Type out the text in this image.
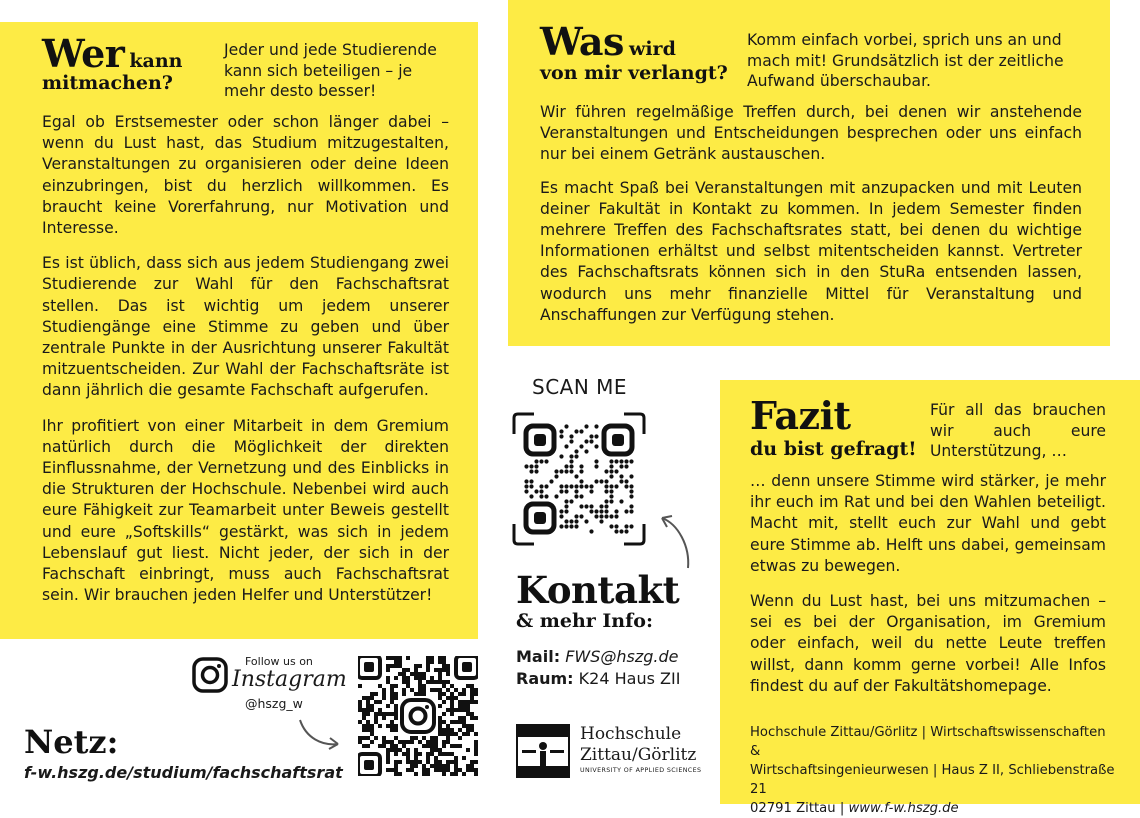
Wer kann
mitmachen?
Jeder und jede Studierende kann sich beteiligen – je mehr desto besser!

Egal ob Erstsemester oder schon länger dabei – wenn du Lust hast, das Studium mitzugestalten, Veranstaltungen zu organisieren oder deine Ideen einzubringen, bist du herzlich willkommen. Es braucht keine Vorerfahrung, nur Motivation und Interesse.

Es ist üblich, dass sich aus jedem Studiengang zwei Studierende zur Wahl für den Fachschaftsrat stellen. Das ist wichtig um jedem unserer Studiengänge eine Stimme zu geben und über zentrale Punkte in der Ausrichtung unserer Fakultät mitzuentscheiden. Zur Wahl der Fachschaftsräte ist dann jährlich die gesamte Fachschaft aufgerufen.

Ihr profitiert von einer Mitarbeit in dem Gremium natürlich durch die Möglichkeit der direkten Einflussnahme, der Vernetzung und des Einblicks in die Strukturen der Hochschule. Nebenbei wird auch eure Fähigkeit zur Teamarbeit unter Beweis gestellt und eure „Softskills“ gestärkt, was sich in jedem Lebenslauf gut liest. Nicht jeder, der sich in der Fachschaft einbringt, muss auch Fachschaftsrat sein. Wir brauchen jeden Helfer und Unterstützer!

Was wird
von mir verlangt?
Komm einfach vorbei, sprich uns an und mach mit! Grundsätzlich ist der zeitliche Aufwand überschaubar.

Wir führen regelmäßige Treffen durch, bei denen wir anstehende Veranstaltungen und Entscheidungen besprechen oder uns einfach nur bei einem Getränk austauschen.

Es macht Spaß bei Veranstaltungen mit anzupacken und mit Leuten deiner Fakultät in Kontakt zu kommen. In jedem Semester finden mehrere Treffen des Fachschaftsrates statt, bei denen du wichtige Informationen erhältst und selbst mitentscheiden kannst. Vertreter des Fachschaftsrats können sich in den StuRa entsenden lassen, wodurch uns mehr finanzielle Mittel für Veranstaltung und Anschaffungen zur Verfügung stehen.

Fazit
du bist gefragt!
Für all das brauchen wir auch eure Unterstützung, …

… denn unsere Stimme wird stärker, je mehr ihr euch im Rat und bei den Wahlen beteiligt. Macht mit, stellt euch zur Wahl und gebt eure Stimme ab. Helft uns dabei, gemeinsam etwas zu bewegen.

Wenn du Lust hast, bei uns mitzumachen – sei es bei der Organisation, im Gremium oder einfach, weil du nette Leute treffen willst, dann komm gerne vorbei! Alle Infos findest du auf der Fakultätshomepage.

Hochschule Zittau/Görlitz | Wirtschaftswissenschaften &
Wirtschaftsingenieurwesen | Haus Z II, Schliebenstraße 21
02791 Zittau | www.f-w.hszg.de
SCAN ME
Kontakt
& mehr Info:
Mail: FWS@hszg.de
Raum: K24 Haus ZII
Hochschule
Zittau/Görlitz
UNIVERSITY OF APPLIED SCIENCES
Follow us on
Instagram
@hszg_w
Netz:
f-w.hszg.de/studium/fachschaftsrat
